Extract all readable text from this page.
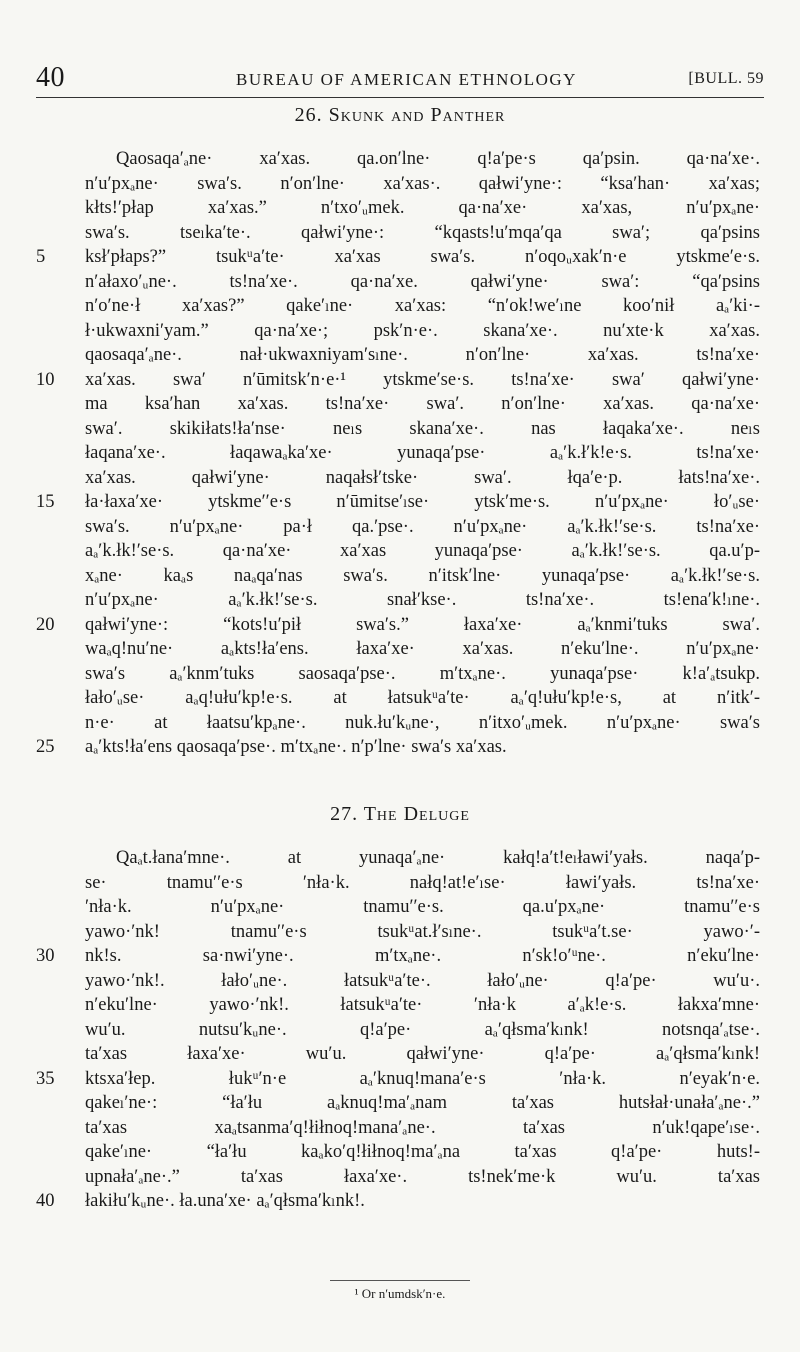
40	BUREAU OF AMERICAN ETHNOLOGY	[BULL. 59
26. Skunk and Panther
Qaosaqa′ₐne· xa′xas. qa.on′lne· q!a′pe·s qa′psin. qa·na′xe·.
n′u′pxₐne· swa′s. n′on′lne· xa′xas·. qałwi′yne·: “ksa′han· xa′xas;
kłts!′płap xa′xas.” n′txo′ᵤmek. qa·na′xe· xa′xas, n′u′pxₐne·
swa′s. tseₗka′te·. qałwi′yne·: “kqasts!u′mqa′qa swa′; qa′psins
5	ksł′płaps?” tsukᵘa′te· xa′xas swa′s. n′oqoᵤxak′n·e ytskme′e·s.
n′ałaxo′ᵤne·. ts!na′xe·. qa·na′xe. qałwi′yne· swa′: “qa′psins
n′o′ne·ł xa′xas?” qake′ₗne· xa′xas: “n′ok!we′ₗne koo′nił aₐ′ki·-
ł·ukwaxni′yam.” qa·na′xe·; psk′n·e·. skana′xe·. nu′xte·k xa′xas.
qaosaqa′ₐne·. nał·ukwaxniyam′sₗne·. n′on′lne· xa′xas. ts!na′xe·
10	xa′xas. swa′ n′ūmitsk′n·e·¹ ytskme′se·s. ts!na′xe· swa′ qałwi′yne·
ma ksa′han xa′xas. ts!na′xe· swa′. n′on′lne· xa′xas. qa·na′xe·
swa′. skikiłats!ła′nse· neₗs skana′xe·. nas łaqaka′xe·. neₗs
łaqana′xe·. łaqawaₐka′xe· yunaqa′pse· aₐ′k.ł′k!e·s. ts!na′xe·
xa′xas. qałwi′yne· naqałsł′tske· swa′. łqa′e·p. łats!na′xe·.
15	ła·łaxa′xe· ytskme′′e·s n′ūmitse′ₗse· ytsk′me·s. n′u′pxₐne· ło′ᵤse·
swa′s. n′u′pxₐne· pa·ł qa.′pse·. n′u′pxₐne· aₐ′k.łk!′se·s. ts!na′xe·
aₐ′k.łk!′se·s. qa·na′xe· xa′xas yunaqa′pse· aₐ′k.łk!′se·s. qa.u′p-
xₐne· kaₐs naₐqa′nas swa′s. n′itsk′lne· yunaqa′pse· aₐ′k.łk!′se·s.
n′u′pxₐne· aₐ′k.łk!′se·s. snał′kse·. ts!na′xe·. ts!ena′k!ₗne·.
20	qałwi′yne·: “kots!u′pił swa′s.” łaxa′xe· aₐ′knmi′tuks swa′.
waₐq!nu′ne· aₐkts!ła′ens. łaxa′xe· xa′xas. n′eku′lne·. n′u′pxₐne·
swa′s aₐ′knm′tuks saosaqa′pse·. m′txₐne·. yunaqa′pse· k!a′ₐtsukp.
łało′ᵤse· aₐq!ułu′kp!e·s. at łatsukᵘa′te· aₐ′q!ułu′kp!e·s, at n′itk′-
n·e· at łaatsu′kpₐne·. nuk.łu′kᵤne·, n′itxo′ᵤmek. n′u′pxₐne· swa′s
25	aₐ′kts!ła′ens qaosaqa′pse·. m′txₐne·. n′p′lne· swa′s xa′xas.
27. The Deluge
Qaₐt.łana′mne·. at yunaqa′ₐne· kałq!a′t!eₗławi′yałs. naqa′p-
se· tnamu′′e·s ′nła·k. nałq!at!e′ₗse· ławi′yałs. ts!na′xe·
′nła·k. n′u′pxₐne· tnamu′′e·s. qa.u′pxₐne· tnamu′′e·s
yawo·′nk! tnamu′′e·s tsukᵘat.ł′sₗne·. tsukᵘa′t.se· yawo·′-
30	nk!s. sa·nwi′yne·. m′txₐne·. n′sk!o′ᵘne·. n′eku′lne·
yawo·′nk!. łało′ᵤne·. łatsukᵘa′te·. łało′ᵤne· q!a′pe· wu′u·.
n′eku′lne· yawo·′nk!. łatsukᵘa′te· ′nła·k a′ₐk!e·s. łakxa′mne·
wu′u. nutsu′kᵤne·. q!a′pe· aₐ′qłsma′kₗnk! notsnqa′ₐtse·.
ta′xas łaxa′xe· wu′u. qałwi′yne· q!a′pe· aₐ′qłsma′kₗnk!
35	ktsxa′łep. łukᵘ′n·e aₐ′knuq!mana′e·s ′nła·k. n′eyak′n·e.
qakeₗ′ne·: “ła′łu aₐknuq!ma′ₐnam ta′xas hutsłał·unała′ₐne·.”
ta′xas xaₐtsanma′q!łiłnoq!mana′ₐne·. ta′xas n′uk!qape′ₗse·.
qake′ₗne· “ła′łu kaₐko′q!łiłnoq!ma′ₐna ta′xas q!a′pe· huts!-
upnała′ₐne·.” ta′xas łaxa′xe·. ts!nek′me·k wu′u. ta′xas
40	łakiłu′kᵤne·. ła.una′xe· aₐ′qłsma′kₗnk!.
¹ Or n′umdsk′n·e.
